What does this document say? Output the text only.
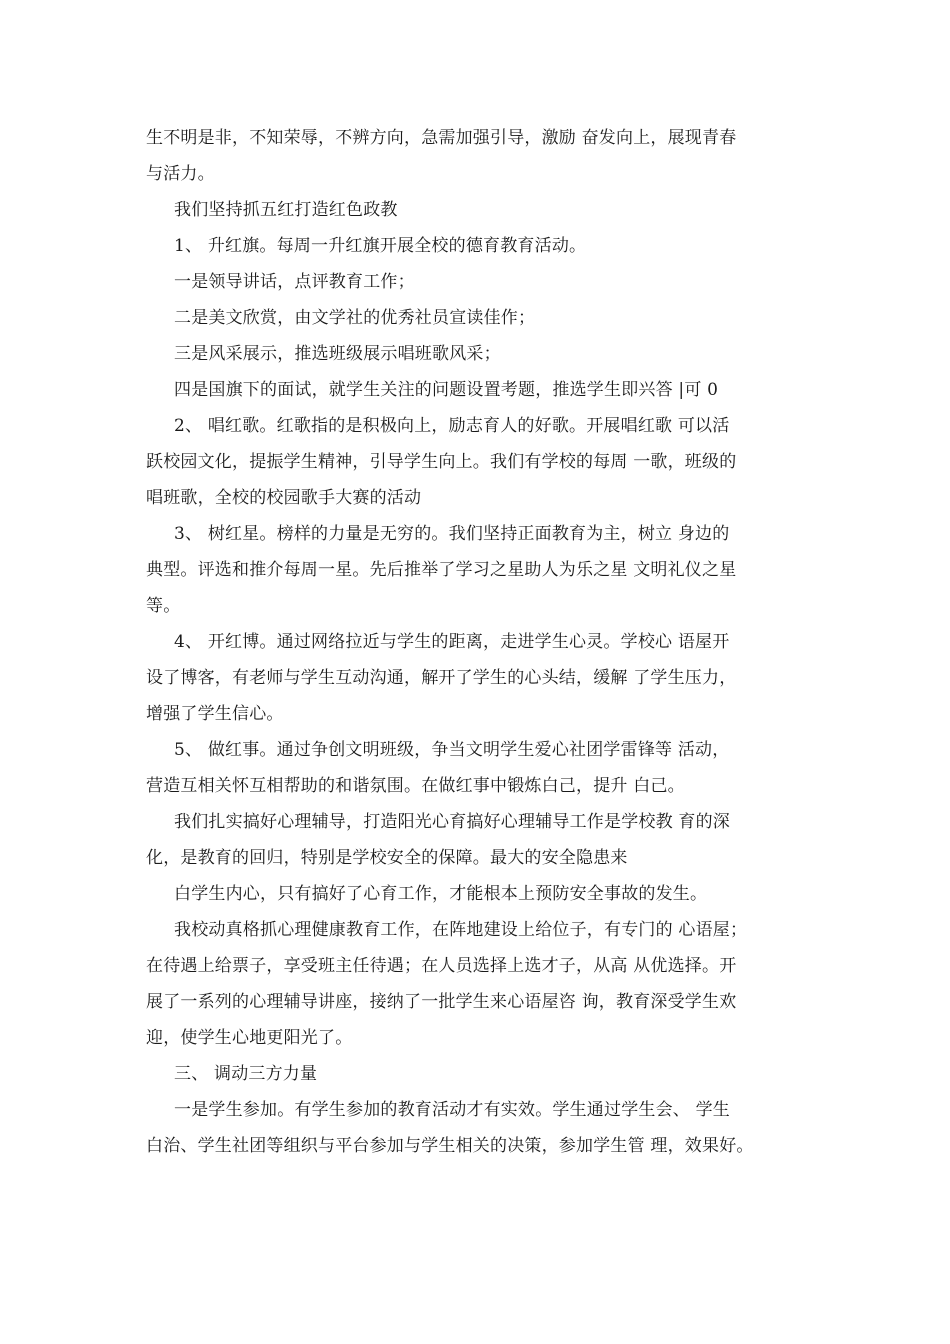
生不明是非，不知荣辱，不辨方向，急需加强引导，激励 奋发向上，展现青春
与活力。
我们坚持抓五红打造红色政教
1、 升红旗。每周一升红旗开展全校的德育教育活动。
一是领导讲话，点评教育工作；
二是美文欣赏，由文学社的优秀社员宣读佳作；
三是风采展示，推选班级展示唱班歌风采；
四是国旗下的面试，就学生关注的问题设置考题，推选学生即兴答 |可 0
2、 唱红歌。红歌指的是积极向上，励志育人的好歌。开展唱红歌 可以活
跃校园文化，提振学生精神，引导学生向上。我们有学校的每周 一歌，班级的
唱班歌，全校的校园歌手大赛的活动
3、 树红星。榜样的力量是无穷的。我们坚持正面教育为主，树立 身边的
典型。评选和推介每周一星。先后推举了学习之星助人为乐之星 文明礼仪之星
等。
4、 开红博。通过网络拉近与学生的距离，走进学生心灵。学校心 语屋开
设了博客，有老师与学生互动沟通，解开了学生的心头结，缓解 了学生压力，
增强了学生信心。
5、 做红事。通过争创文明班级，争当文明学生爱心社团学雷锋等 活动，
营造互相关怀互相帮助的和谐氛围。在做红事中锻炼白己，提升 白己。
我们扎实搞好心理辅导，打造阳光心育搞好心理辅导工作是学校教 育的深
化，是教育的回归，特别是学校安全的保障。最大的安全隐患来
白学生内心，只有搞好了心育工作，才能根本上预防安全事故的发生。
我校动真格抓心理健康教育工作，在阵地建设上给位子，有专门的 心语屋；
在待遇上给票子，享受班主任待遇；在人员选择上选才子，从高 从优选择。开
展了一系列的心理辅导讲座，接纳了一批学生来心语屋咨 询，教育深受学生欢
迎，使学生心地更阳光了。
三、 调动三方力量
一是学生参加。有学生参加的教育活动才有实效。学生通过学生会、 学生
白治、学生社团等组织与平台参加与学生相关的决策，参加学生管 理，效果好。
